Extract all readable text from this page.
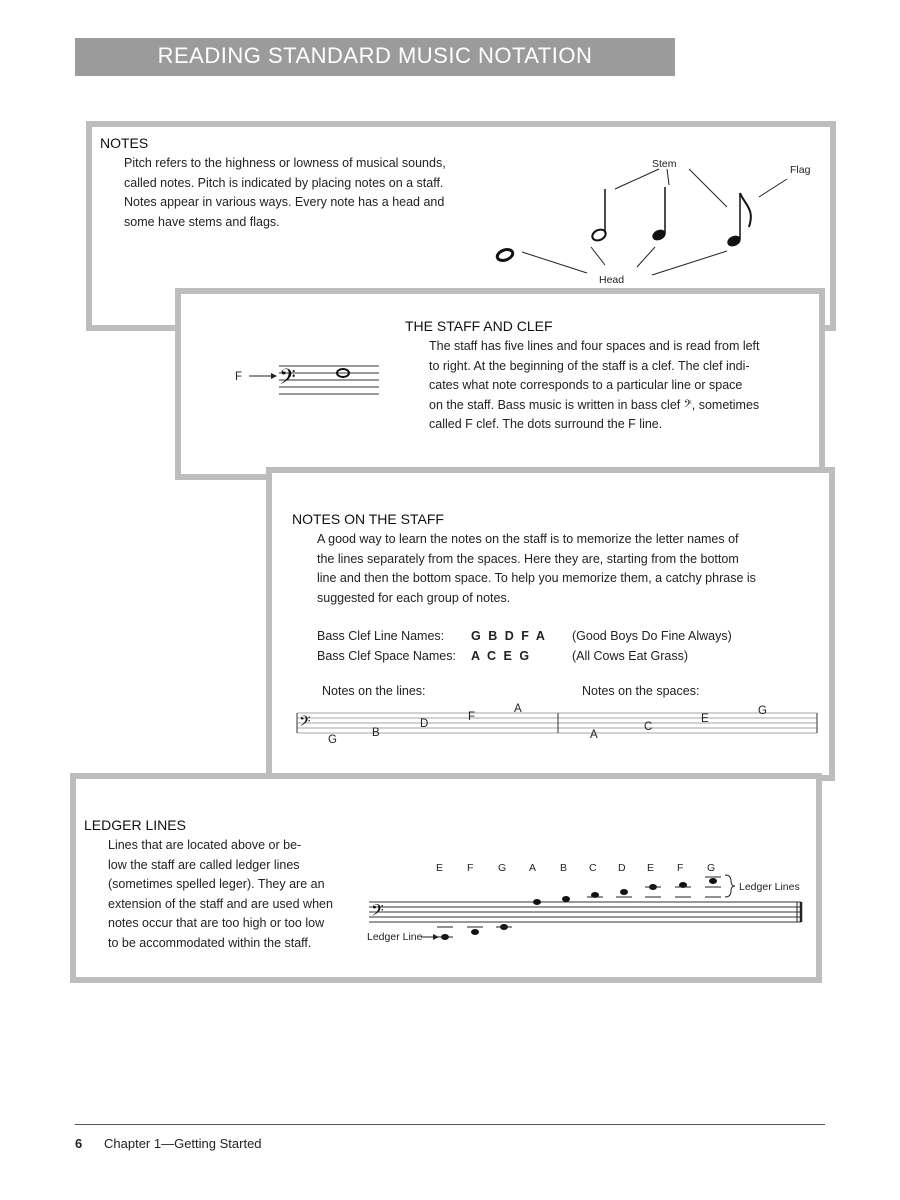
READING STANDARD MUSIC NOTATION
NOTES

Pitch refers to the highness or lowness of musical sounds,

called notes. Pitch is indicated by placing notes on a staff.

Notes appear in various ways. Every note has a head and

some have stems and flags.

Stem	Flag
Head
F 𝄢
THE STAFF AND CLEF

The staff has five lines and four spaces and is read from left

to right. At the beginning of the staff is a clef. The clef indi-

cates what note corresponds to a particular line or space

on the staff. Bass music is written in bass clef 𝄢, sometimes

called F clef. The dots surround the F line.

NOTES ON THE STAFF

A good way to learn the notes on the staff is to memorize the letter names of

the lines separately from the spaces. Here they are, starting from the bottom

line and then the bottom space. To help you memorize them, a catchy phrase is

suggested for each group of notes.

Bass Clef Line Names: G B D F A (Good Boys Do Fine Always)
Bass Clef Space Names: A C E G	(All Cows Eat Grass)
Notes on the lines:	Notes on the spaces:
𝄢
G
B
D
F
A
A
C
E
G
LEDGER LINES

Lines that are located above or be-

low the staff are called ledger lines

(sometimes spelled leger). They are an

extension of the staff and are used when

notes occur that are too high or too low

to be accommodated within the staff.

E F G A B C D E F G
𝄢
Ledger Lines
Ledger Line
6 Chapter 1—Getting Started
